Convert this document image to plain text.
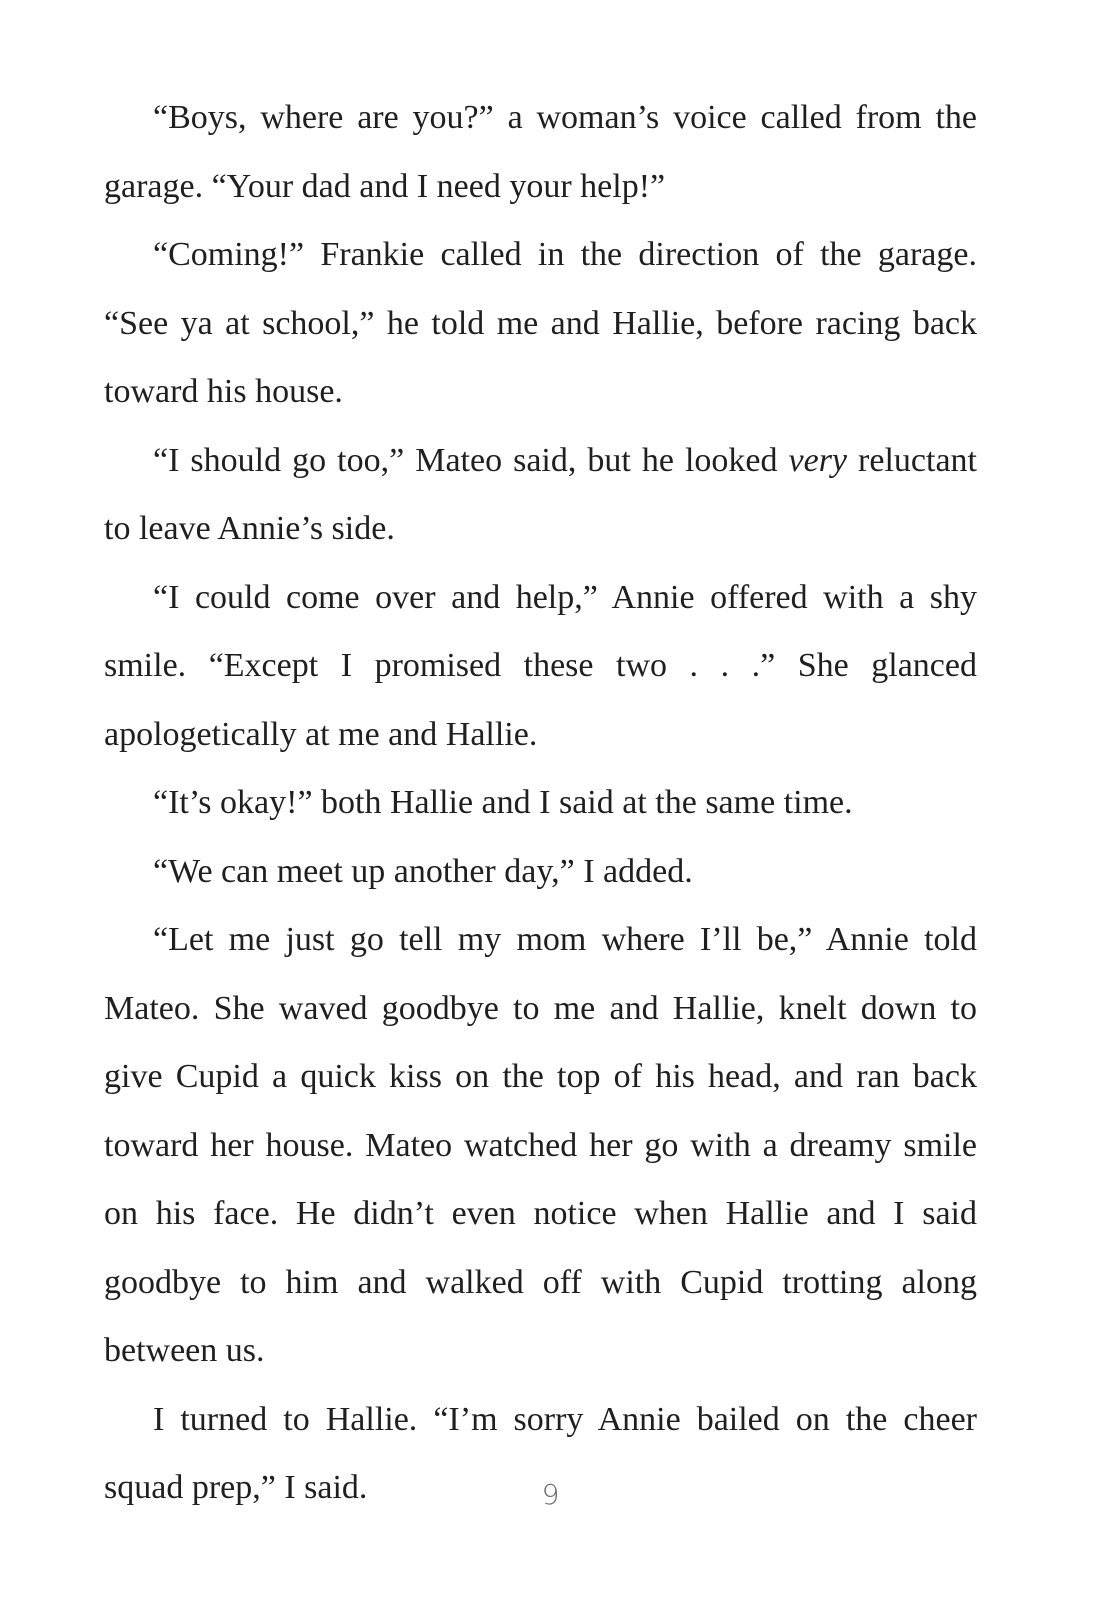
“Boys, where are you?” a woman’s voice called from the garage. “Your dad and I need your help!”

“Coming!” Frankie called in the direction of the garage. “See ya at school,” he told me and Hallie, before racing back toward his house.

“I should go too,” Mateo said, but he looked very reluctant to leave Annie’s side.

“I could come over and help,” Annie offered with a shy smile. “Except I promised these two . . .” She glanced apologetically at me and Hallie.

“It’s okay!” both Hallie and I said at the same time.

“We can meet up another day,” I added.

“Let me just go tell my mom where I’ll be,” Annie told Mateo. She waved goodbye to me and Hallie, knelt down to give Cupid a quick kiss on the top of his head, and ran back toward her house. Mateo watched her go with a dreamy smile on his face. He didn’t even notice when Hallie and I said goodbye to him and walked off with Cupid trotting along between us.

I turned to Hallie. “I’m sorry Annie bailed on the cheer squad prep,” I said.	9
